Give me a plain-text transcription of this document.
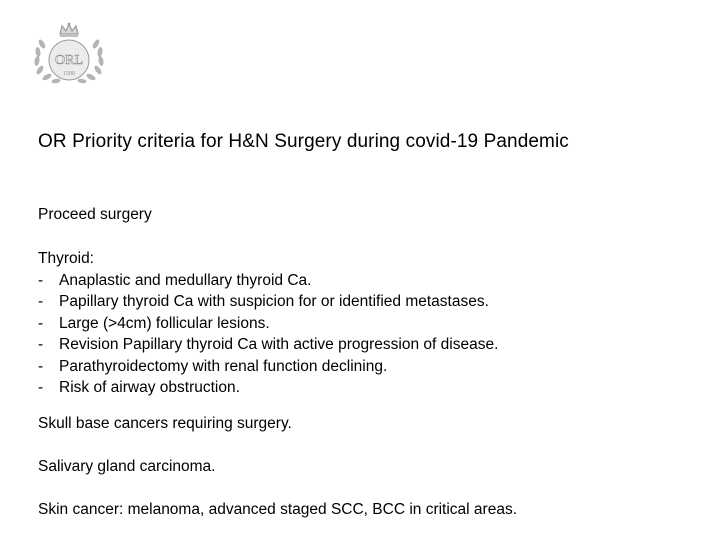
ORL
1500
OR Priority criteria for H&N Surgery during covid-19 Pandemic
Proceed surgery
Thyroid:
- Anaplastic and medullary thyroid Ca.
- Papillary thyroid Ca with suspicion for or identified metastases.
- Large (>4cm) follicular lesions.
- Revision Papillary thyroid Ca with active progression of disease.
- Parathyroidectomy with renal function declining.
- Risk of airway obstruction.
Skull base cancers requiring surgery.
Salivary gland carcinoma.
Skin cancer: melanoma, advanced staged SCC, BCC in critical areas.
